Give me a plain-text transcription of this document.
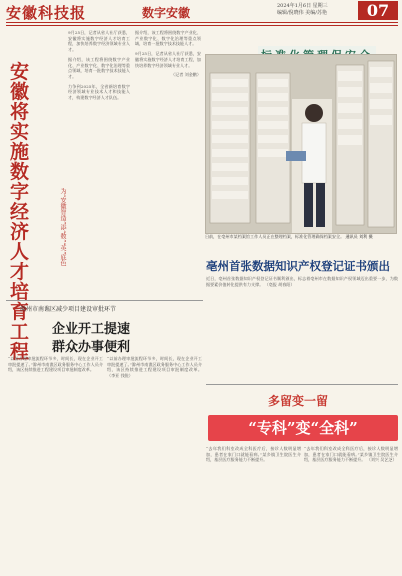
安徽科技报	数字安徽	2024年1月6日 星期三
编辑/倪晓伟 美编/苏艳	07
安徽将实施数字经济人才培育工程
为“安徽智造”添“数”“英”底色

9月25日，记者从省人社厅获悉，安徽将实施数字经济人才培育工程，加快培养数字经济领域专业人才。

据介绍，该工程将围绕数字产业化、产业数字化、数字化治理等重点领域，培育一批数字技术技能人才。

力争到2025年，全省新培育数字经济领域专业技术人才和技能人才，构建数字经济人才队伍。

据介绍，该工程将围绕数字产业化、产业数字化、数字化治理等重点领域，培育一批数字技术技能人才。

9月25日，记者从省人社厅获悉，安徽将实施数字经济人才培育工程，加快培养数字经济领域专业人才。

（记者 刘金鹏）

日前，在亳州市某档案馆工作人员正在整理档案，标准化管理确保档案安全。 通讯员 刘利 摄
亳州首张数据知识产权登记证书颁出
近日，亳州首张数据知识产权登记证书顺利颁出，标志着亳州市在数据知识产权领域迈出重要一步，为数据要素价值转化提供有力支撑。 （亳报 胡春阳）
滁州市南谯区减少项目建设审批环节
企业开工提速
群众办事便利
“以前办理审批流程环节多，时间长，现在企业开工审批提速了。”滁州市南谯区政务服务中心工作人员介绍，该区持续推进工程建设项目审批制度改革。
“以前办理审批流程环节多，时间长，现在企业开工审批提速了。”滁州市南谯区政务服务中心工作人员介绍，该区持续推进工程建设项目审批制度改革。 （李亚 钱锐）
多留变一留
“专科”变“全科”
“去年我们科室改成全科医疗后，接诊人数明显增加，患者在家门口就能看病。”某乡镇卫生院医生介绍，基层医疗服务能力不断提升。
“去年我们科室改成全科医疗后，接诊人数明显增加，患者在家门口就能看病。”某乡镇卫生院医生介绍，基层医疗服务能力不断提升。 （刘兴 吴艺芝）
